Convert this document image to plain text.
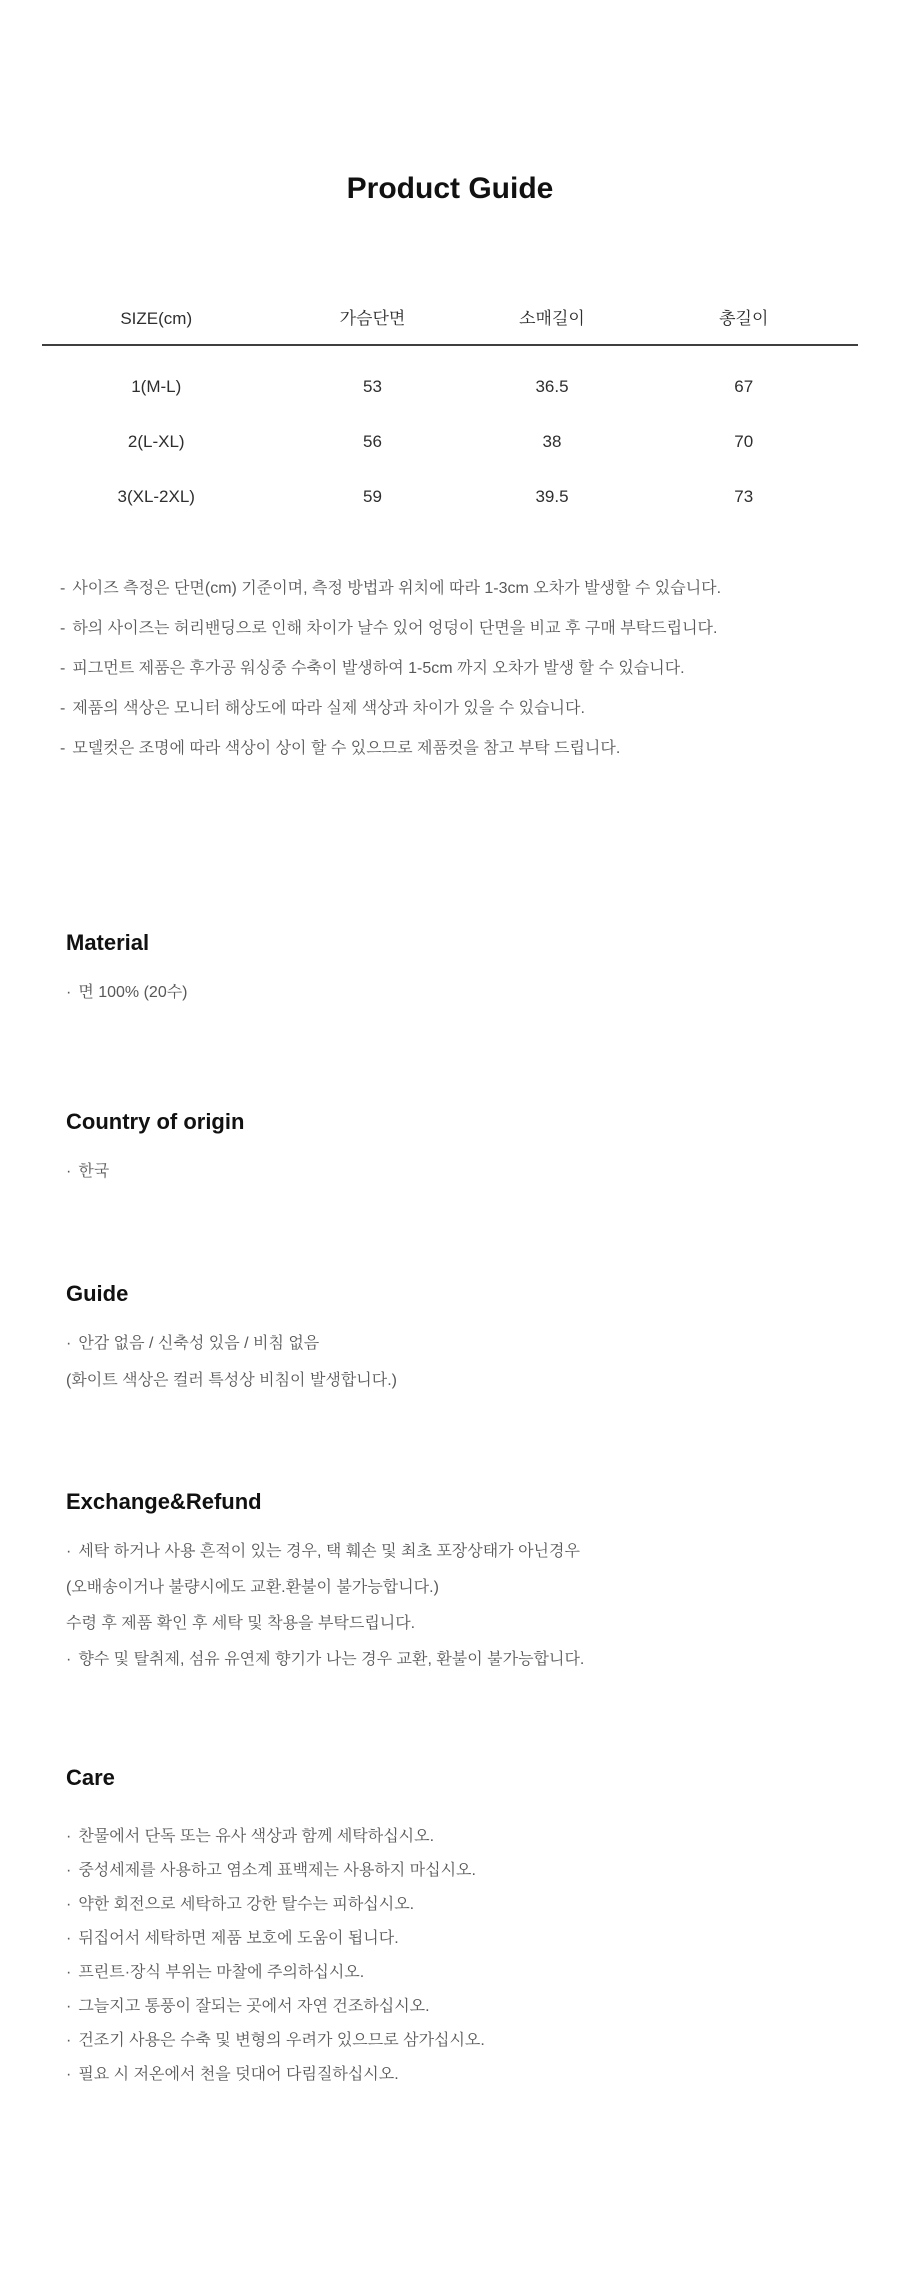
Product Guide
SIZE(cm)	가슴단면	소매길이	총길이
1(M-L)	53	36.5	67
2(L-XL)	56	38	70
3(XL-2XL)	59	39.5	73
- 사이즈 측정은 단면(cm) 기준이며, 측정 방법과 위치에 따라 1-3cm 오차가 발생할 수 있습니다.
- 하의 사이즈는 허리밴딩으로 인해 차이가 날수 있어 엉덩이 단면을 비교 후 구매 부탁드립니다.
- 피그먼트 제품은 후가공 워싱중 수축이 발생하여 1-5cm 까지 오차가 발생 할 수 있습니다.
- 제품의 색상은 모니터 해상도에 따라 실제 색상과 차이가 있을 수 있습니다.
- 모델컷은 조명에 따라 색상이 상이 할 수 있으므로 제품컷을 참고 부탁 드립니다.
Material
· 면 100% (20수)
Country of origin
· 한국
Guide
· 안감 없음 / 신축성 있음 / 비침 없음
(화이트 색상은 컬러 특성상 비침이 발생합니다.)
Exchange&Refund
· 세탁 하거나 사용 흔적이 있는 경우, 택 훼손 및 최초 포장상태가 아닌경우
(오배송이거나 불량시에도 교환.환불이 불가능합니다.)
수령 후 제품 확인 후 세탁 및 착용을 부탁드립니다.
· 향수 및 탈취제, 섬유 유연제 향기가 나는 경우 교환, 환불이 불가능합니다.
Care
· 찬물에서 단독 또는 유사 색상과 함께 세탁하십시오.
· 중성세제를 사용하고 염소계 표백제는 사용하지 마십시오.
· 약한 회전으로 세탁하고 강한 탈수는 피하십시오.
· 뒤집어서 세탁하면 제품 보호에 도움이 됩니다.
· 프린트·장식 부위는 마찰에 주의하십시오.
· 그늘지고 통풍이 잘되는 곳에서 자연 건조하십시오.
· 건조기 사용은 수축 및 변형의 우려가 있으므로 삼가십시오.
· 필요 시 저온에서 천을 덧대어 다림질하십시오.
